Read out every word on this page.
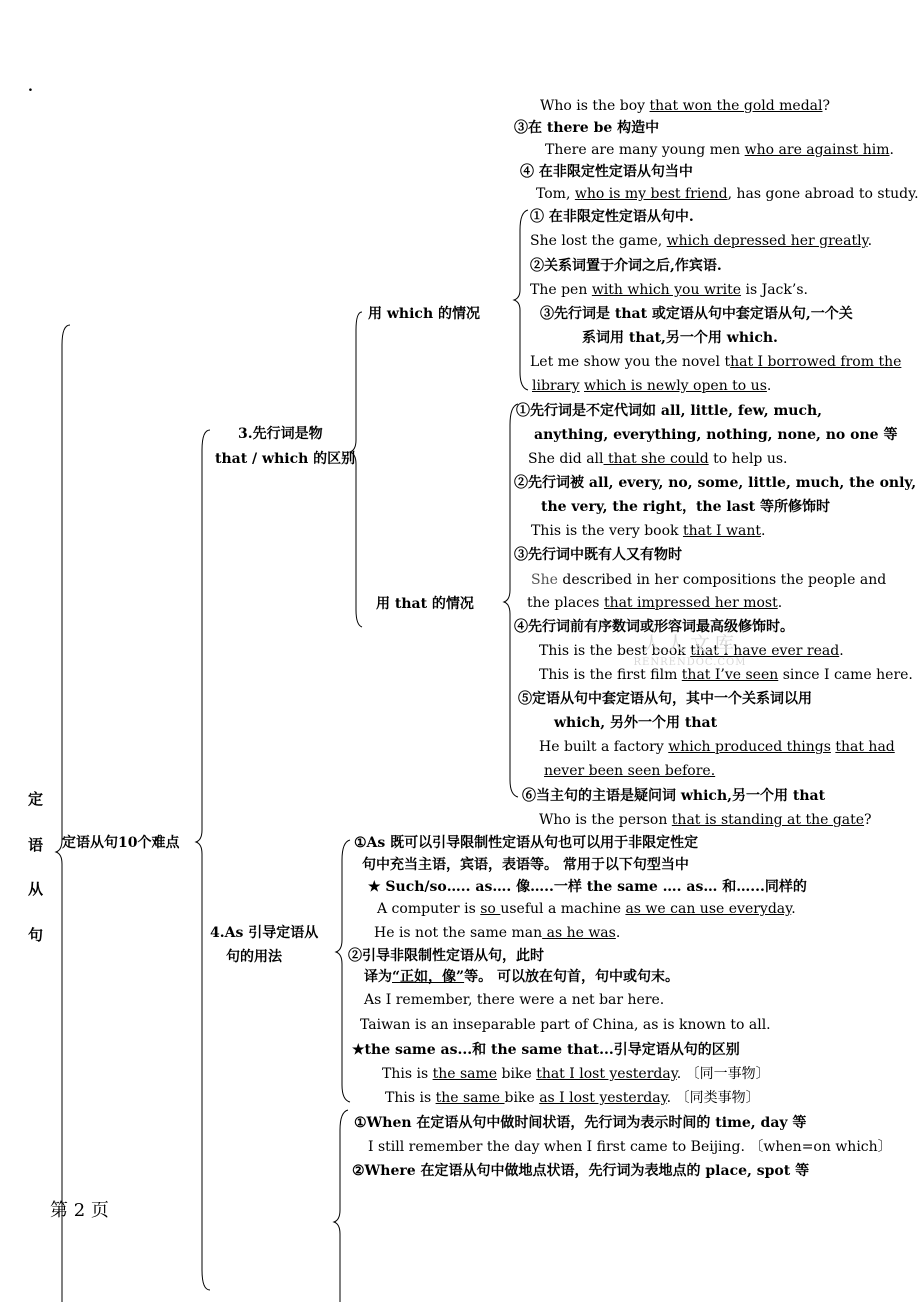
.
定
语
从
句
定语从句10个难点
3.先行词是物
that / which 的区别
4.As 引导定语从
句的用法
用 which 的情况
用 that 的情况
Who is the boy that won the gold medal?
③在 there be 构造中
There are many young men who are against him.
④ 在非限定性定语从句当中
Tom, who is my best friend, has gone abroad to study.
① 在非限定性定语从句中.
She lost the game, which depressed her greatly.
②关系词置于介词之后,作宾语.
The pen with which you write is Jack’s.
③先行词是 that 或定语从句中套定语从句,一个关
系词用 that,另一个用 which.
Let me show you the novel that I borrowed from the
library which is newly open to us.
①先行词是不定代词如 all, little, few, much,
anything, everything, nothing, none, no one 等
She did all that she could to help us.
②先行词被 all, every, no, some, little, much, the only,
the very, the right，the last 等所修饰时
This is the very book that I want.
③先行词中既有人又有物时
She described in her compositions the people and
the places that impressed her most.
④先行词前有序数词或形容词最高级修饰时。
This is the best book that I have ever read.
This is the first film that I’ve seen since I came here.
⑤定语从句中套定语从句，其中一个关系词以用
which, 另外一个用 that
He built a factory which produced things that had
never been seen before.
⑥当主句的主语是疑问词 which,另一个用 that
Who is the person that is standing at the gate?
人人文库
RENRENDOC.COM
①As 既可以引导限制性定语从句也可以用于非限定性定
句中充当主语，宾语，表语等。 常用于以下句型当中
★ Such/so….. as…. 像…..一样 the same …. as… 和…...同样的
A computer is so useful a machine as we can use everyday.
He is not the same man as he was.
②引导非限制性定语从句，此时
译为“正如，像”等。 可以放在句首，句中或句末。
As I remember, there were a net bar here.
Taiwan is an inseparable part of China, as is known to all.
★the same as...和 the same that...引导定语从句的区别
This is the same bike that I lost yesterday. 〔同一事物〕
This is the same bike as I lost yesterday. 〔同类事物〕
①When 在定语从句中做时间状语，先行词为表示时间的 time, day 等
I still remember the day when I first came to Beijing. 〔when=on which〕
②Where 在定语从句中做地点状语，先行词为表地点的 place, spot 等
第 2 页
